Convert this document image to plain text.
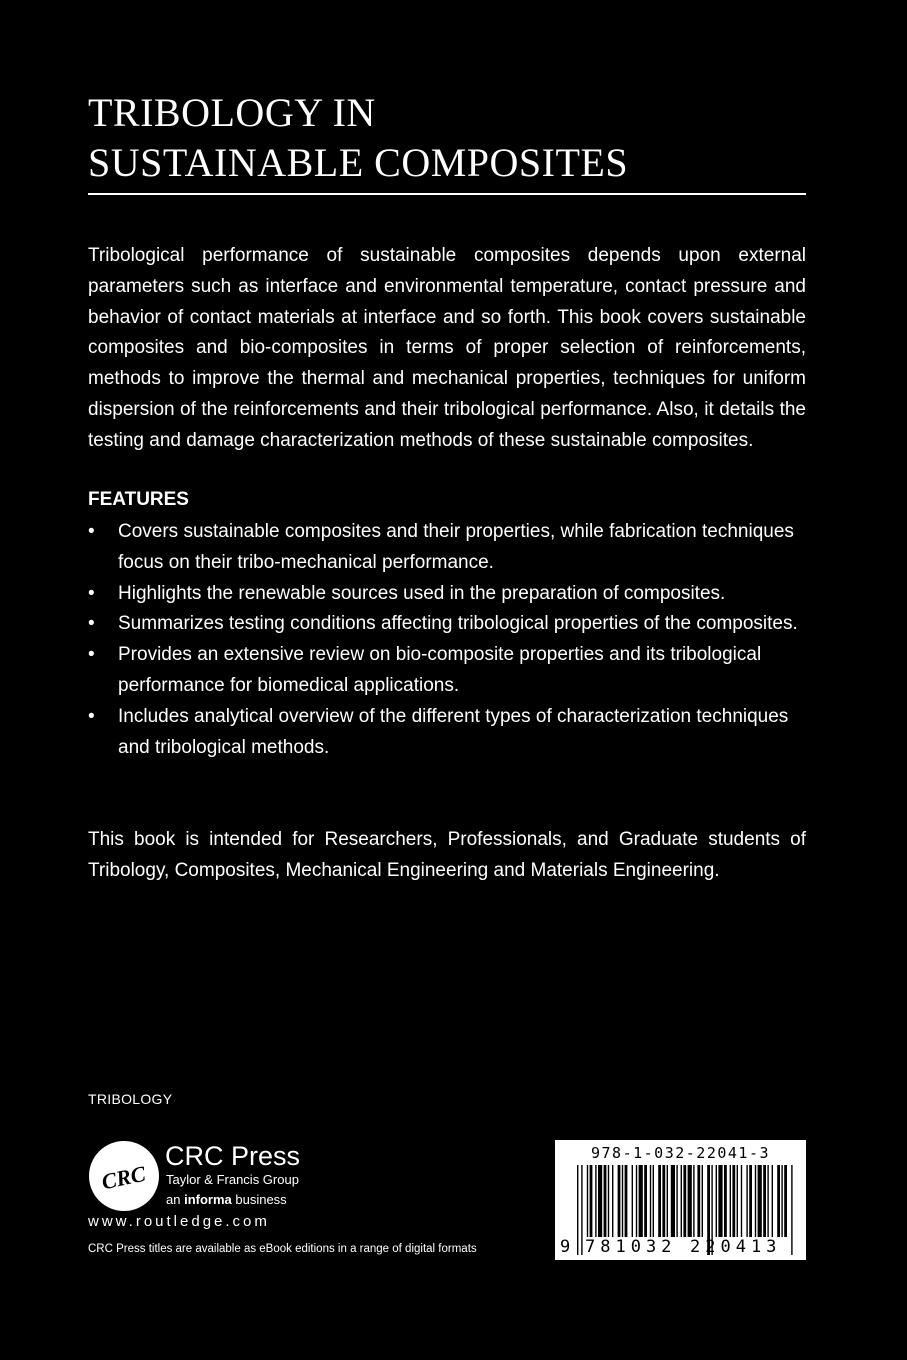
TRIBOLOGY IN
SUSTAINABLE COMPOSITES

Tribological performance of sustainable composites depends upon external parameters such as interface and environmental temperature, contact pressure and behavior of contact materials at interface and so forth. This book covers sustainable composites and bio-composites in terms of proper selection of reinforcements, methods to improve the thermal and mechanical properties, techniques for uniform dispersion of the reinforcements and their tribological performance. Also, it details the testing and damage characterization methods of these sustainable composites.

FEATURES
• Covers sustainable composites and their properties, while fabrication techniques focus on their tribo-mechanical performance.
• Highlights the renewable sources used in the preparation of composites.
• Summarizes testing conditions affecting tribological properties of the composites.
• Provides an extensive review on bio-composite properties and its tribological performance for biomedical applications.
• Includes analytical overview of the different types of characterization techniques and tribological methods.

This book is intended for Researchers, Professionals, and Graduate students of Tribology, Composites, Mechanical Engineering and Materials Engineering.

TRIBOLOGY
CRC
CRC Press
Taylor & Francis Group
an informa business
www.routledge.com
CRC Press titles are available as eBook editions in a range of digital formats
978-1-032-22041-3
9 781032 220413
